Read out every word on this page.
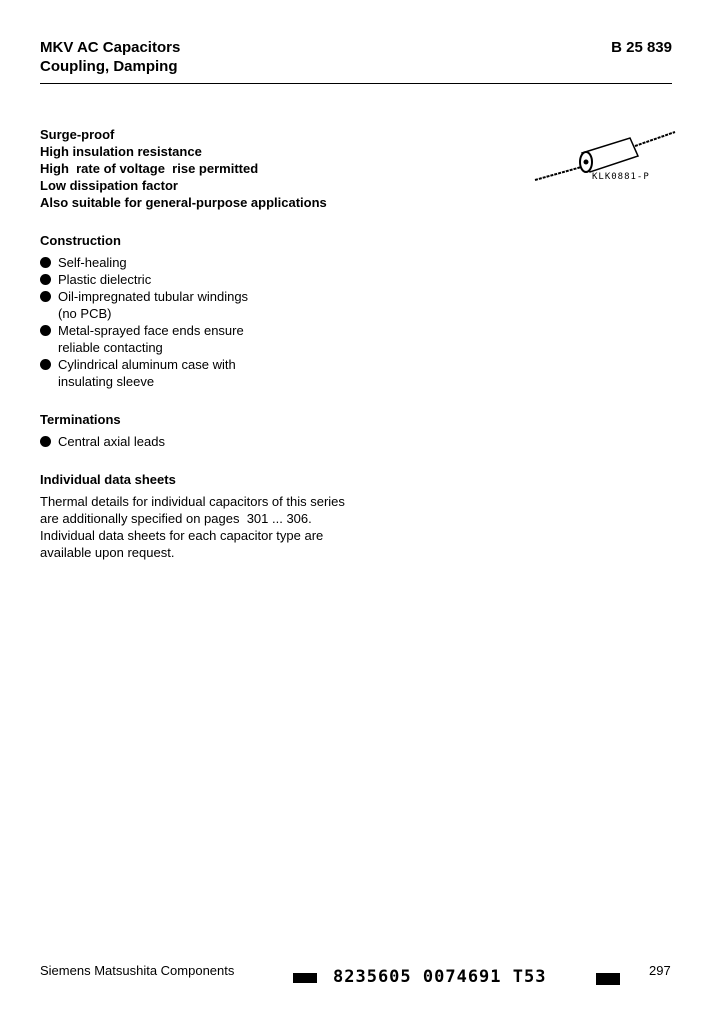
MKV AC Capacitors
Coupling, Damping
B 25 839
Surge-proof
High insulation resistance
High  rate of voltage  rise permitted
Low dissipation factor
Also suitable for general-purpose applications
KLK0881-P
Construction
Self-healing
Plastic dielectric
Oil-impregnated tubular windings
(no PCB)
Metal-sprayed face ends ensure
reliable contacting
Cylindrical aluminum case with
insulating sleeve
Terminations
Central axial leads
Individual data sheets
Thermal details for individual capacitors of this series
are additionally specified on pages  301 ... 306.
Individual data sheets for each capacitor type are
available upon request.
Siemens Matsushita Components	8235605 0074691 T53	297
